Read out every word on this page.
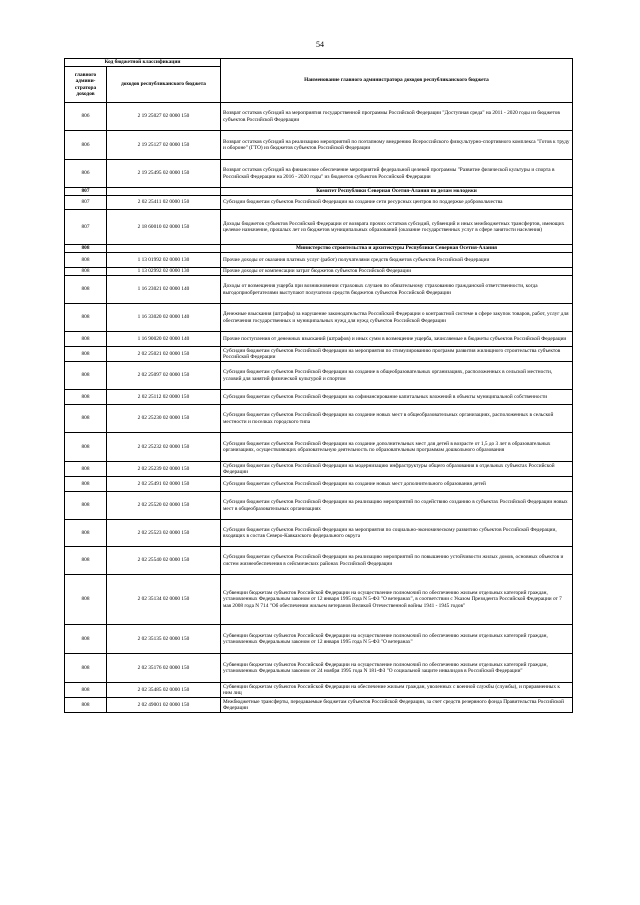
54
Код бюджетной классификации		Наименование главного администратора доходов республиканского бюджета
главного админи-стратора доходов	доходов республиканского бюджета	
806	2 19 25027 02 0000 150	Возврат остатков субсидий на мероприятия государственной программы Российской Федерации "Доступная среда" на 2011 - 2020 годы из бюджетов субъектов Российской Федерации
806	2 19 25127 02 0000 150	Возврат остатков субсидий на реализацию мероприятий по поэтапному внедрению Всероссийского физкультурно-спортивного комплекса "Готов к труду и обороне" (ГТО) из бюджетов субъектов Российской Федерации
806	2 19 25495 02 0000 150	Возврат остатков субсидий на финансовое обеспечение мероприятий федеральной целевой программы "Развитие физической культуры и спорта в Российской Федерации на 2016 - 2020 годы" из бюджетов субъектов Российской Федерации
807		Комитет Республики Северная Осетия-Алания по делам молодежи
807	2 02 25411 02 0000 150	Субсидии бюджетам субъектов Российской Федерации на создание сети ресурсных центров по поддержке добровольчества
807	2 18 60010 02 0000 150	Доходы бюджетов субъектов Российской Федерации от возврата прочих остатков субсидий, субвенций и иных межбюджетных трансфертов, имеющих целевое назначение, прошлых лет из бюджетов муниципальных образований (оказание государственных услуг в сфере занятости населения)
808		Министерство строительства и архитектуры Республики Северная Осетия-Алания
808	1 13 01992 02 0000 130	Прочие доходы от оказания платных услуг (работ) получателями средств бюджетов субъектов Российской Федерации
808	1 13 02992 02 0000 130	Прочие доходы от компенсации затрат бюджетов субъектов Российской Федерации
808	1 16 23021 02 0000 140	Доходы от возмещения ущерба при возникновении страховых случаев по обязательному страхованию гражданской ответственности, когда выгодоприобретателями выступают получатели средств бюджетов субъектов Российской Федерации
808	1 16 33020 02 0000 140	Денежные взыскания (штрафы) за нарушение законодательства Российской Федерации о контрактной системе в сфере закупок товаров, работ, услуг для обеспечения государственных и муниципальных нужд для нужд субъектов Российской Федерации
808	1 16 90020 02 0000 140	Прочие поступления от денежных взысканий (штрафов) и иных сумм в возмещение ущерба, зачисляемые в бюджеты субъектов Российской Федерации
808	2 02 25021 02 0000 150	Субсидии бюджетам субъектов Российской Федерации на мероприятия по стимулированию программ развития жилищного строительства субъектов Российской Федерации
808	2 02 25097 02 0000 150	Субсидии бюджетам субъектов Российской Федерации на создание в общеобразовательных организациях, расположенных в сельской местности, условий для занятий физической культурой и спортом
808	2 02 25112 02 0000 150	Субсидии бюджетам субъектов Российской Федерации на софинансирование капитальных вложений в объекты муниципальной собственности
808	2 02 25230 02 0000 150	Субсидии бюджетам субъектов Российской Федерации на создание новых мест в общеобразовательных организациях, расположенных в сельской местности и поселках городского типа
808	2 02 25232 02 0000 150	Субсидии бюджетам субъектов Российской Федерации на создание дополнительных мест для детей в возрасте от 1,5 до 3 лет в образовательных организациях, осуществляющих образовательную деятельность по образовательным программам дошкольного образования
808	2 02 25239 02 0000 150	Субсидии бюджетам субъектов Российской Федерации на модернизацию инфраструктуры общего образования в отдельных субъектах Российской Федерации
808	2 02 25491 02 0000 150	Субсидии бюджетам субъектов Российской Федерации на создание новых мест дополнительного образования детей
808	2 02 25520 02 0000 150	Субсидии бюджетам субъектов Российской Федерации на реализацию мероприятий по содействию созданию в субъектах Российской Федерации новых мест в общеобразовательных организациях
808	2 02 25523 02 0000 150	Субсидии бюджетам субъектов Российской Федерации на мероприятия по социально-экономическому развитию субъектов Российской Федерации, входящих в состав Северо-Кавказского федерального округа
808	2 02 25540 02 0000 150	Субсидии бюджетам субъектов Российской Федерации на реализацию мероприятий по повышению устойчивости жилых домов, основных объектов и систем жизнеобеспечения в сейсмических районах Российской Федерации
808	2 02 35134 02 0000 150	Субвенции бюджетам субъектов Российской Федерации на осуществление полномочий по обеспечению жильем отдельных категорий граждан, установленных Федеральным законом от 12 января 1995 года N 5-ФЗ "О ветеранах", в соответствии с Указом Президента Российской Федерации от 7 мая 2008 года N 714 "Об обеспечении жильем ветеранов Великой Отечественной войны 1941 - 1945 годов"
808	2 02 35135 02 0000 150	Субвенции бюджетам субъектов Российской Федерации на осуществление полномочий по обеспечению жильем отдельных категорий граждан, установленных Федеральным законом от 12 января 1995 года N 5-ФЗ "О ветеранах"
808	2 02 35176 02 0000 150	Субвенции бюджетам субъектов Российской Федерации на осуществление полномочий по обеспечению жильем отдельных категорий граждан, установленных Федеральным законом от 24 ноября 1995 года N 181-ФЗ "О социальной защите инвалидов в Российской Федерации"
808	2 02 35485 02 0000 150	Субвенции бюджетам субъектов Российской Федерации на обеспечение жильем граждан, уволенных с военной службы (службы), и приравненных к ним лиц
808	2 02 49001 02 0000 150	Межбюджетные трансферты, передаваемые бюджетам субъектов Российской Федерации, за счет средств резервного фонда Правительства Российской Федерации
